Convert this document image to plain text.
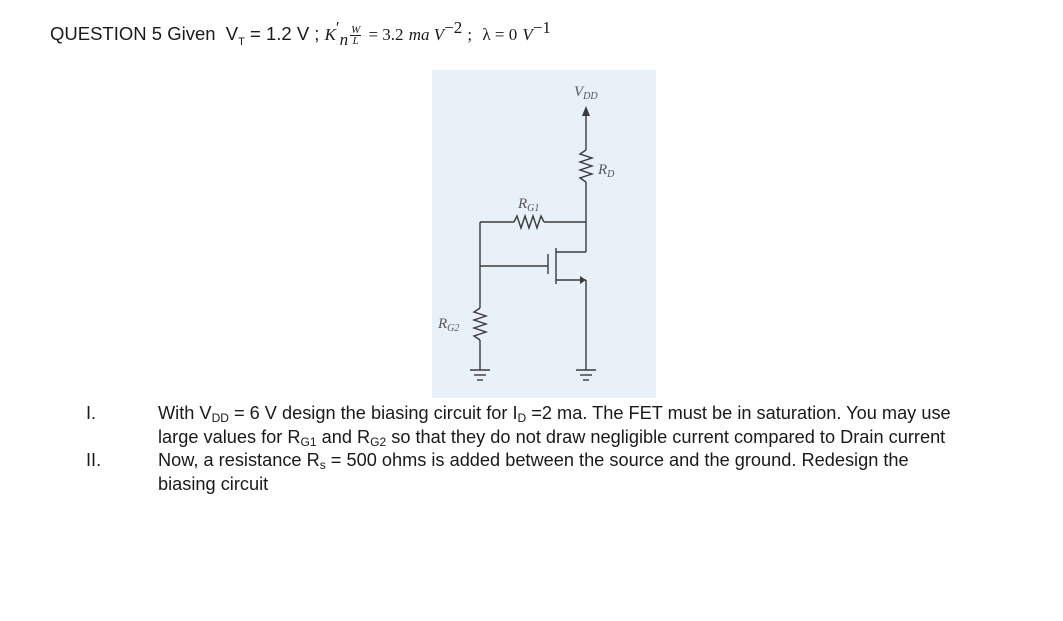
QUESTION 5 Given $V_T = 1.2$ V ; $K'_n \frac{W}{L} = 3.2$ ma $V^{-2}$ ; λ = 0 $V^{-1}$
$V_{DD}$
$R_D$
$R_{G1}$
$R_{G2}$
I.	With $V_{DD} = 6$ V design the biasing circuit for $I_D =2$ ma. The FET must be in saturation. You may use
large values for $R_{G1}$ and $R_{G2}$ so that they do not draw negligible current compared to Drain current
II.	Now, a resistance $R_s = 500$ ohms is added between the source and the ground. Redesign the
biasing circuit
